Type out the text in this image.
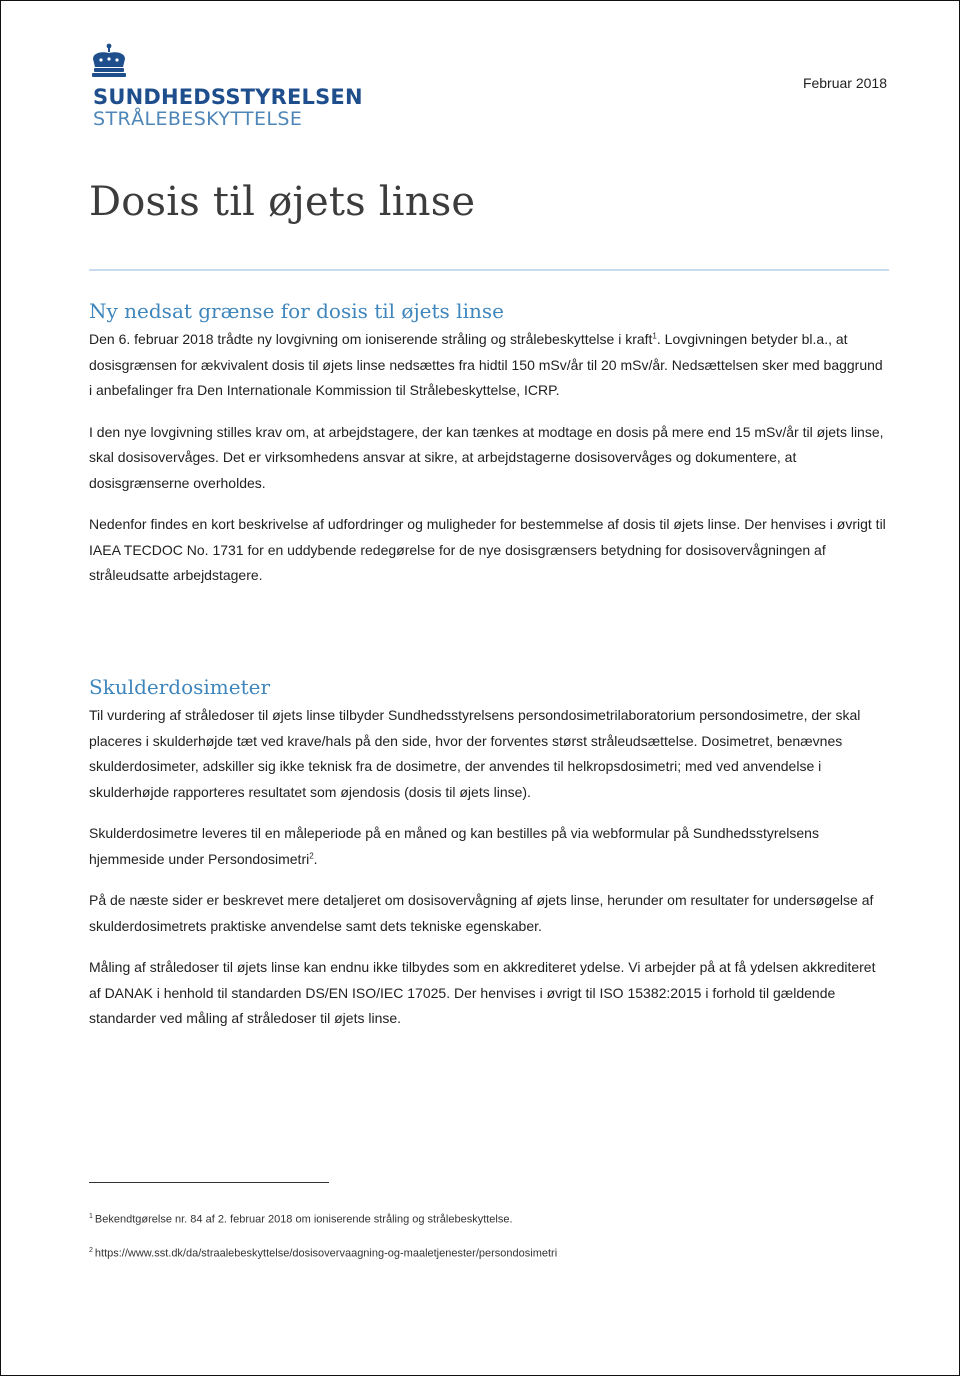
SUNDHEDSSTYRELSEN

STRÅLEBESKYTTELSE

Februar 2018
Dosis til øjets linse
Ny nedsat grænse for dosis til øjets linse

Den 6. februar 2018 trådte ny lovgivning om ioniserende stråling og strålebeskyttelse i kraft$^1$. Lovgivningen betyder bl.a., at dosisgrænsen for ækvivalent dosis til øjets linse nedsættes fra hidtil 150 mSv/år til 20 mSv/år. Nedsættelsen sker med baggrund i anbefalinger fra Den Internationale Kommission til Strålebeskyttelse, ICRP.

I den nye lovgivning stilles krav om, at arbejdstagere, der kan tænkes at modtage en dosis på mere end 15 mSv/år til øjets linse, skal dosisovervåges. Det er virksomhedens ansvar at sikre, at arbejdstagerne dosisovervåges og dokumentere, at dosisgrænserne overholdes.

Nedenfor findes en kort beskrivelse af udfordringer og muligheder for bestemmelse af dosis til øjets linse. Der henvises i øvrigt til IAEA TECDOC No. 1731 for en uddybende redegørelse for de nye dosisgrænsers betydning for dosisovervågningen af stråleudsatte arbejdstagere.

Skulderdosimeter

Til vurdering af stråledoser til øjets linse tilbyder Sundhedsstyrelsens persondosimetrilaboratorium persondosimetre, der skal placeres i skulderhøjde tæt ved krave/hals på den side, hvor der forventes størst stråleudsættelse. Dosimetret, benævnes skulderdosimeter, adskiller sig ikke teknisk fra de dosimetre, der anvendes til helkropsdosimetri; med ved anvendelse i skulderhøjde rapporteres resultatet som øjendosis (dosis til øjets linse).

Skulderdosimetre leveres til en måleperiode på en måned og kan bestilles på via webformular på Sundhedsstyrelsens hjemmeside under Persondosimetri$^2$.

På de næste sider er beskrevet mere detaljeret om dosisovervågning af øjets linse, herunder om resultater for undersøgelse af skulderdosimetrets praktiske anvendelse samt dets tekniske egenskaber.

Måling af stråledoser til øjets linse kan endnu ikke tilbydes som en akkrediteret ydelse. Vi arbejder på at få ydelsen akkrediteret af DANAK i henhold til standarden DS/EN ISO/IEC 17025. Der henvises i øvrigt til ISO 15382:2015 i forhold til gældende standarder ved måling af stråledoser til øjets linse.

$^1$ Bekendtgørelse nr. 84 af 2. februar 2018 om ioniserende stråling og strålebeskyttelse.
$^2$ https://www.sst.dk/da/straalebeskyttelse/dosisovervaagning-og-maaletjenester/persondosimetri
